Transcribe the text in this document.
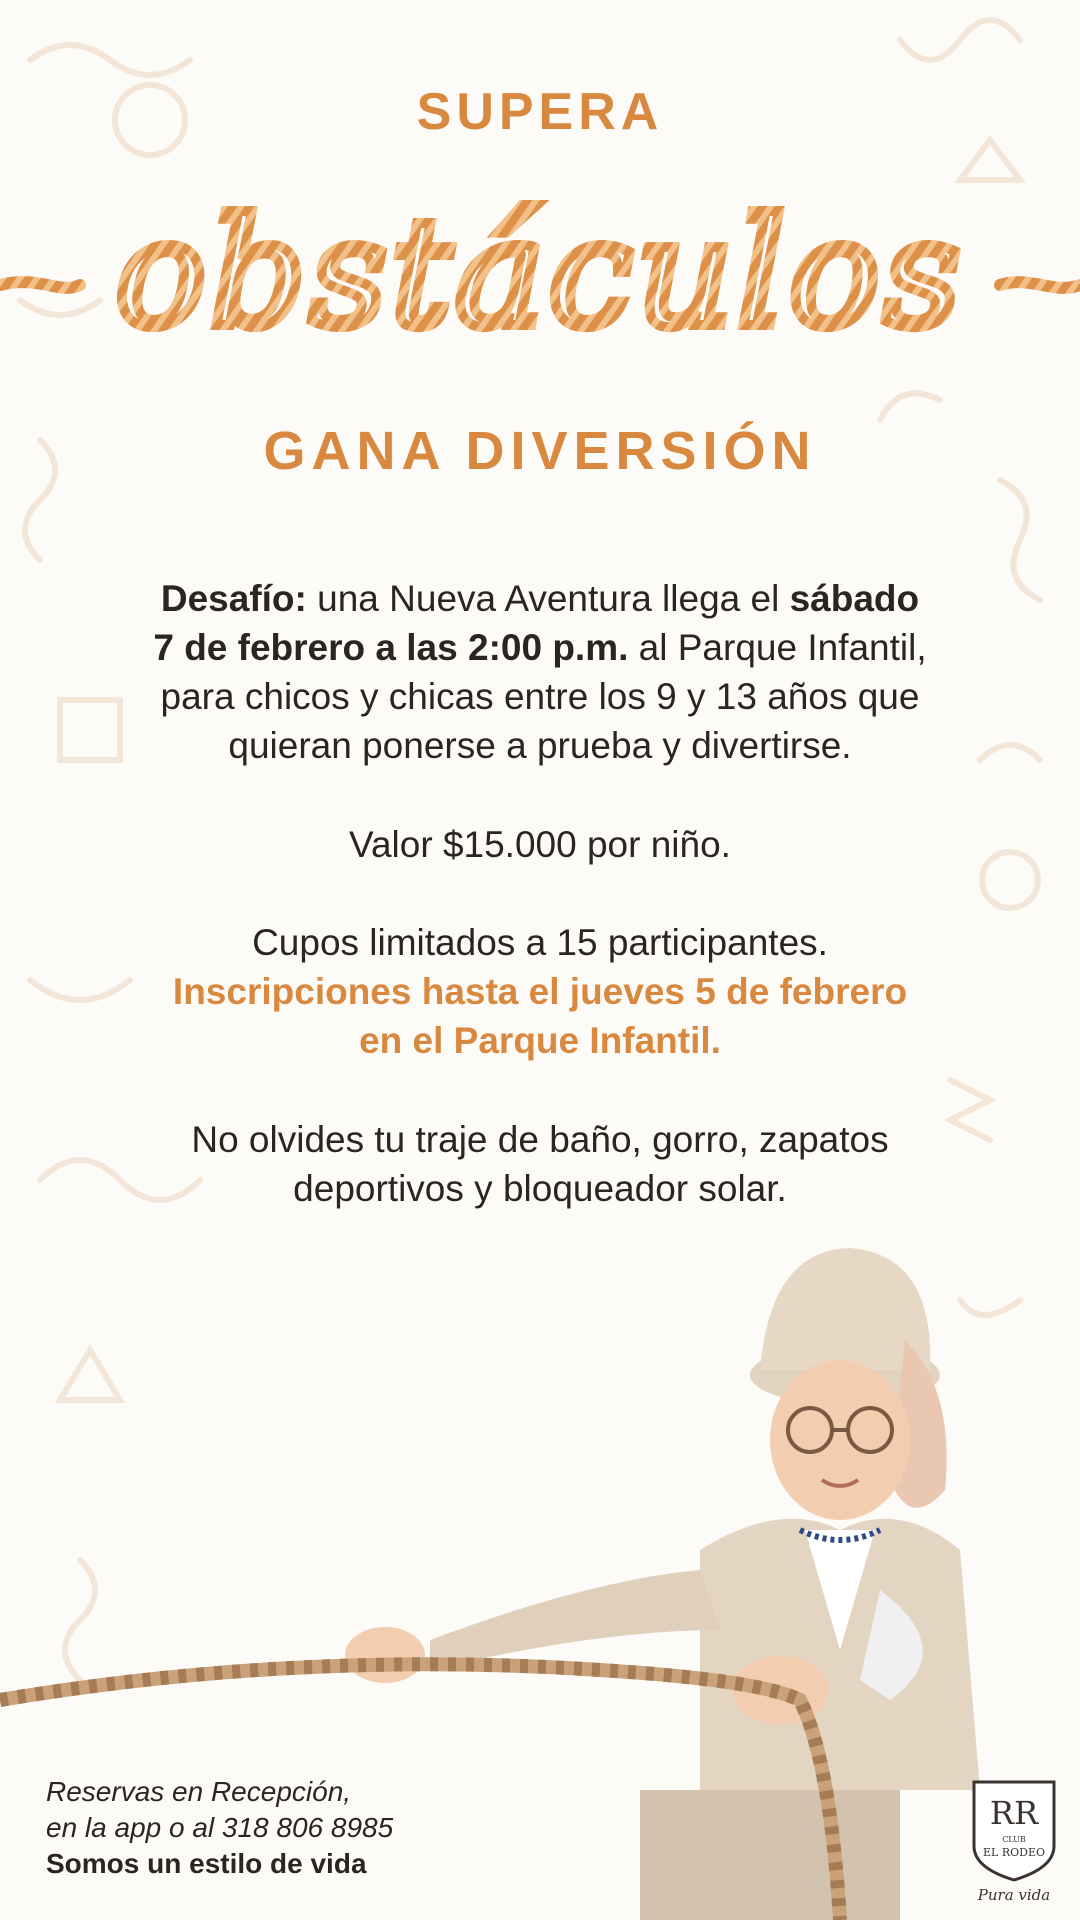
SUPERA
obstáculos
GANA DIVERSIÓN
Desafío: una Nueva Aventura llega el sábado
7 de febrero a las 2:00 p.m. al Parque Infantil,
para chicos y chicas entre los 9 y 13 años que
quieran ponerse a prueba y divertirse.
Valor $15.000 por niño.
Cupos limitados a 15 participantes.
Inscripciones hasta el jueves 5 de febrero
en el Parque Infantil.
No olvides tu traje de baño, gorro, zapatos
deportivos y bloqueador solar.
Reservas en Recepción,
en la app o al 318 806 8985
Somos un estilo de vida
RR
CLUB
EL RODEO
Pura vida
